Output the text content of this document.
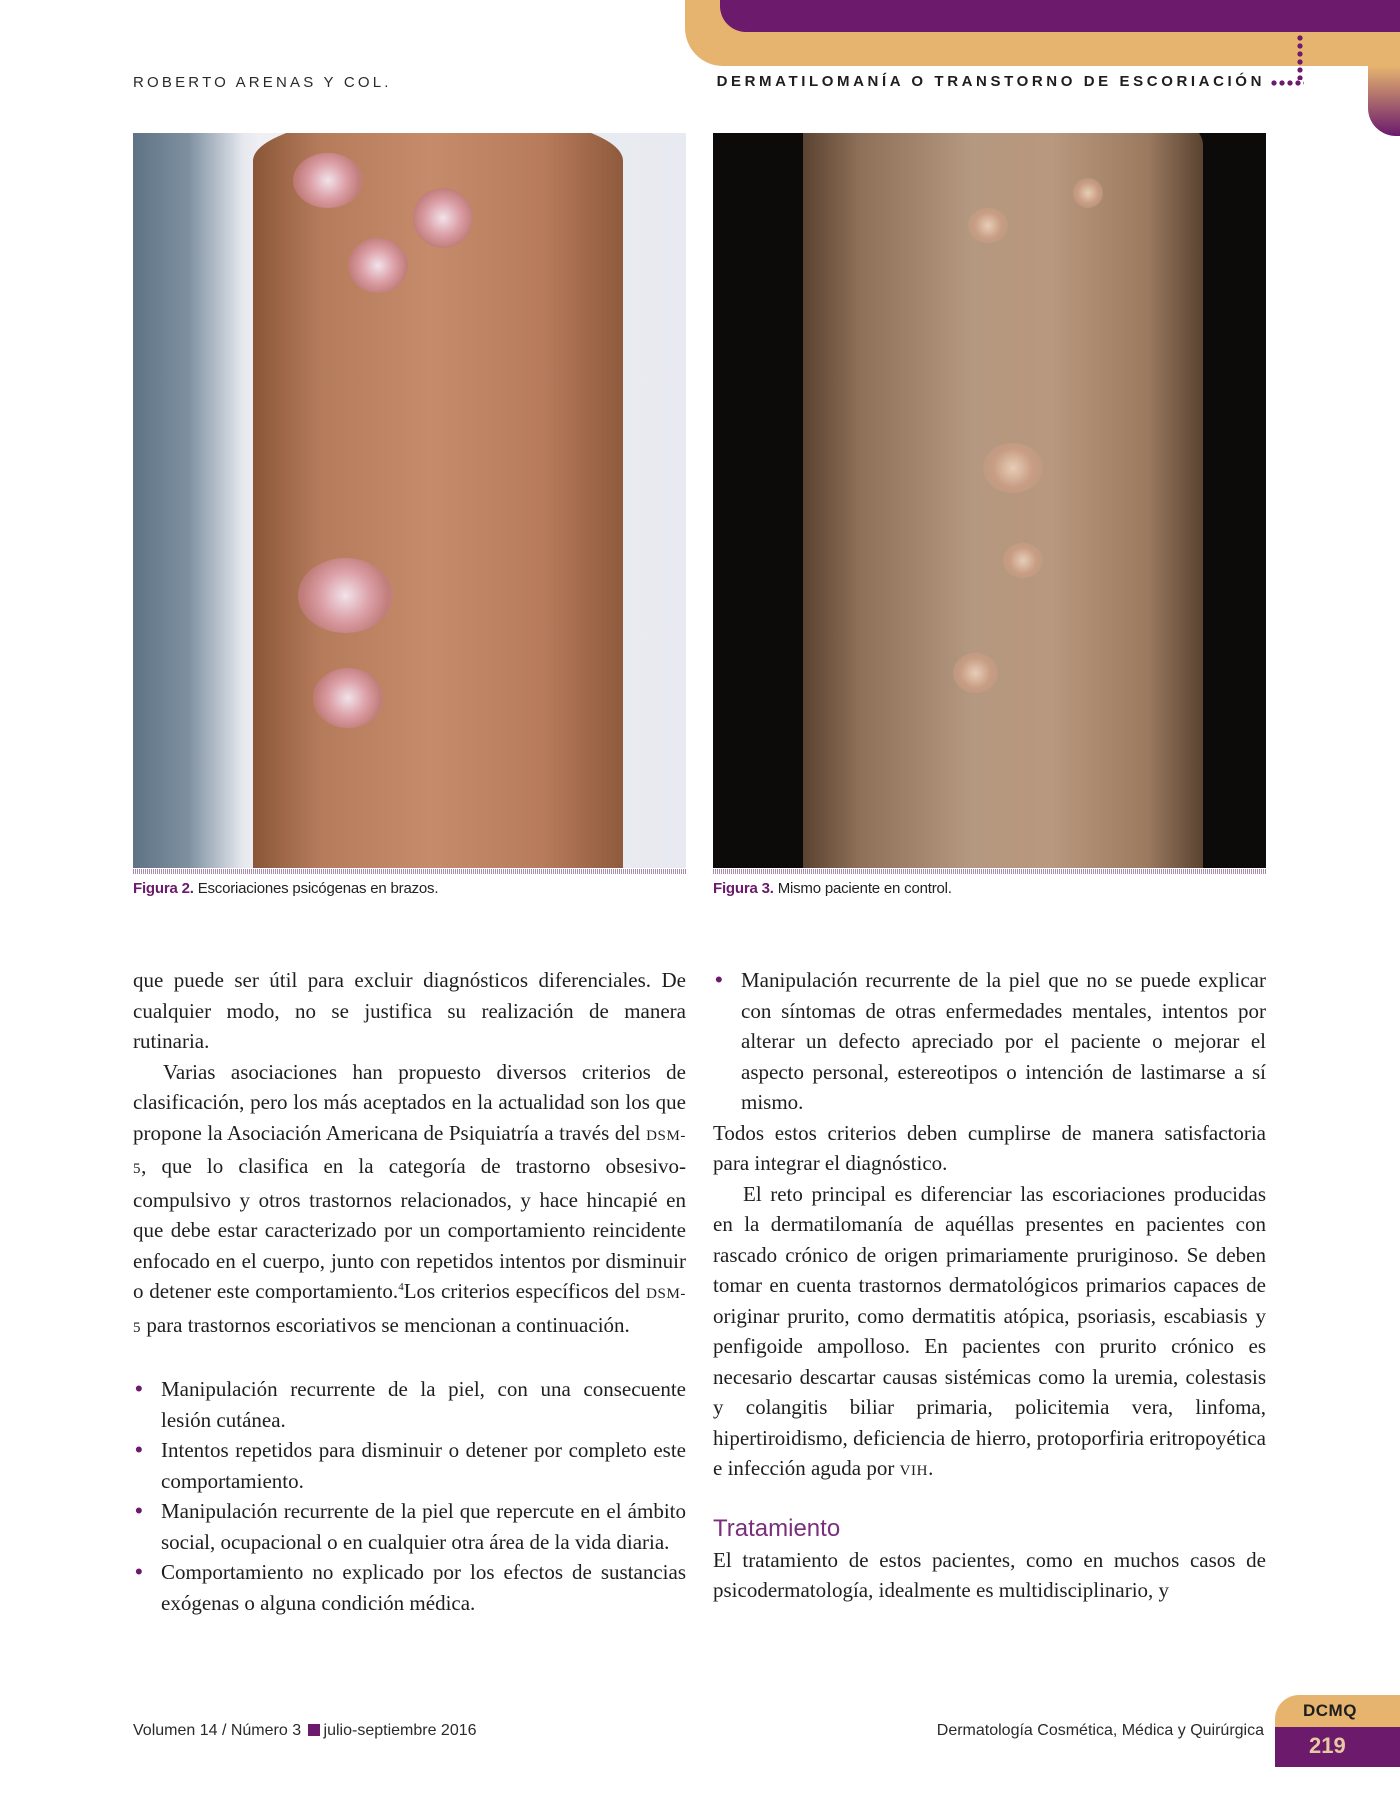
ROBERTO ARENAS Y COL.	DERMATILOMANÍA O TRANSTORNO DE ESCORIACIÓN
Figura 2. Escoriaciones psicógenas en brazos.	Figura 3. Mismo paciente en control.

que puede ser útil para excluir diagnósticos diferenciales. De cualquier modo, no se justifica su realización de manera rutinaria.

Varias asociaciones han propuesto diversos criterios de clasificación, pero los más aceptados en la actualidad son los que propone la Asociación Americana de Psiquiatría a través del DSM-5, que lo clasifica en la categoría de trastorno obsesivo-compulsivo y otros trastornos relacionados, y hace hincapié en que debe estar caracterizado por un comportamiento reincidente enfocado en el cuerpo, junto con repetidos intentos por disminuir o detener este comportamiento.$^4$Los criterios específicos del DSM-5 para trastornos escoriativos se mencionan a continuación.

• Manipulación recurrente de la piel, con una consecuente lesión cutánea.
• Intentos repetidos para disminuir o detener por completo este comportamiento.
• Manipulación recurrente de la piel que repercute en el ámbito social, ocupacional o en cualquier otra área de la vida diaria.
• Comportamiento no explicado por los efectos de sustancias exógenas o alguna condición médica.
• Manipulación recurrente de la piel que no se puede explicar con síntomas de otras enfermedades mentales, intentos por alterar un defecto apreciado por el paciente o mejorar el aspecto personal, estereotipos o intención de lastimarse a sí mismo.

Todos estos criterios deben cumplirse de manera satisfactoria para integrar el diagnóstico.

El reto principal es diferenciar las escoriaciones producidas en la dermatilomanía de aquéllas presentes en pacientes con rascado crónico de origen primariamente pruriginoso. Se deben tomar en cuenta trastornos dermatológicos primarios capaces de originar prurito, como dermatitis atópica, psoriasis, escabiasis y penfigoide ampolloso. En pacientes con prurito crónico es necesario descartar causas sistémicas como la uremia, colestasis y colangitis biliar primaria, policitemia vera, linfoma, hipertiroidismo, deficiencia de hierro, protoporfiria eritropoyética e infección aguda por VIH.

Tratamiento

El tratamiento de estos pacientes, como en muchos casos de psicodermatología, idealmente es multidisciplinario, y

Volumen 14 / Número 3 julio-septiembre 2016	Dermatología Cosmética, Médica y Quirúrgica
DCMQ
219
